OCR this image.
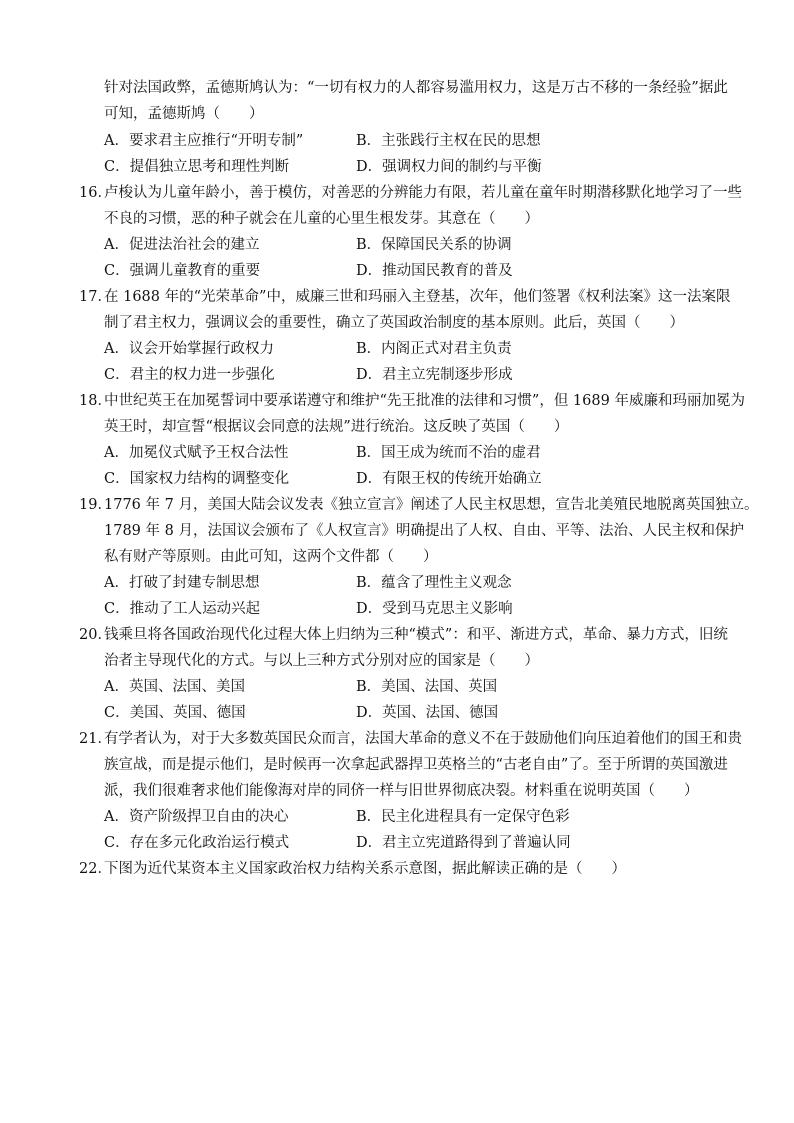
针对法国政弊，孟德斯鸠认为：“一切有权力的人都容易滥用权力，这是万古不移的一条经验”据此
可知，孟德斯鸠（　　）
A．要求君主应推行“开明专制”	B．主张践行主权在民的思想
C．提倡独立思考和理性判断	D．强调权力间的制约与平衡
16．
卢梭认为儿童年龄小，善于模仿，对善恶的分辨能力有限，若儿童在童年时期潜移默化地学习了一些
不良的习惯，恶的种子就会在儿童的心里生根发芽。其意在（　　）
A．促进法治社会的建立	B．保障国民关系的协调
C．强调儿童教育的重要	D．推动国民教育的普及
17．
在 1688 年的“光荣革命”中，威廉三世和玛丽入主登基，次年，他们签署《权利法案》这一法案限
制了君主权力，强调议会的重要性，确立了英国政治制度的基本原则。此后，英国（　　）
A．议会开始掌握行政权力	B．内阁正式对君主负责
C．君主的权力进一步强化	D．君主立宪制逐步形成
18．
中世纪英王在加冕誓词中要承诺遵守和维护“先王批准的法律和习惯”，但 1689 年威廉和玛丽加冕为
英王时，却宣誓“根据议会同意的法规”进行统治。这反映了英国（　　）
A．加冕仪式赋予王权合法性	B．国王成为统而不治的虚君
C．国家权力结构的调整变化	D．有限王权的传统开始确立
19．
1776 年 7 月，美国大陆会议发表《独立宣言》阐述了人民主权思想，宣告北美殖民地脱离英国独立。
1789 年 8 月，法国议会颁布了《人权宣言》明确提出了人权、自由、平等、法治、人民主权和保护
私有财产等原则。由此可知，这两个文件都（　　）
A．打破了封建专制思想	B．蕴含了理性主义观念
C．推动了工人运动兴起	D．受到马克思主义影响
20．
钱乘旦将各国政治现代化过程大体上归纳为三种“模式”：和平、渐进方式，革命、暴力方式，旧统
治者主导现代化的方式。与以上三种方式分别对应的国家是（　　）
A．英国、法国、美国	B．美国、法国、英国
C．美国、英国、德国	D．英国、法国、德国
21．
有学者认为，对于大多数英国民众而言，法国大革命的意义不在于鼓励他们向压迫着他们的国王和贵
族宣战，而是提示他们，是时候再一次拿起武器捍卫英格兰的“古老自由”了。至于所谓的英国激进
派，我们很难奢求他们能像海对岸的同侪一样与旧世界彻底决裂。材料重在说明英国（　　）
A．资产阶级捍卫自由的决心	B．民主化进程具有一定保守色彩
C．存在多元化政治运行模式	D．君主立宪道路得到了普遍认同
22．
下图为近代某资本主义国家政治权力结构关系示意图，据此解读正确的是（　　）
